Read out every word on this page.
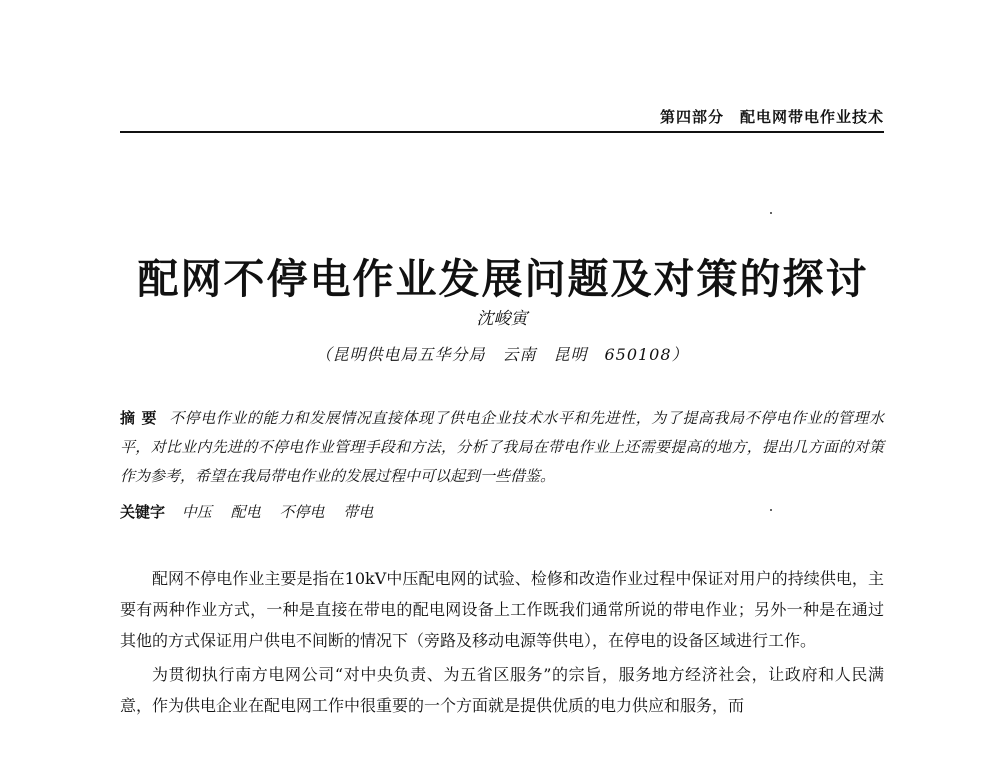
第四部分　配电网带电作业技术
配网不停电作业发展问题及对策的探讨
沈峻寅
（昆明供电局五华分局　云南　昆明　650108）
摘要 不停电作业的能力和发展情况直接体现了供电企业技术水平和先进性，为了提高我局不停电作业的管理水平，对比业内先进的不停电作业管理手段和方法，分析了我局在带电作业上还需要提高的地方，提出几方面的对策作为参考，希望在我局带电作业的发展过程中可以起到一些借鉴。
关键字 中压 配电 不停电 带电

配网不停电作业主要是指在10kV中压配电网的试验、检修和改造作业过程中保证对用户的持续供电，主要有两种作业方式，一种是直接在带电的配电网设备上工作既我们通常所说的带电作业；另外一种是在通过其他的方式保证用户供电不间断的情况下（旁路及移动电源等供电），在停电的设备区域进行工作。

为贯彻执行南方电网公司“对中央负责、为五省区服务”的宗旨，服务地方经济社会，让政府和人民满意，作为供电企业在配电网工作中很重要的一个方面就是提供优质的电力供应和服务，而
